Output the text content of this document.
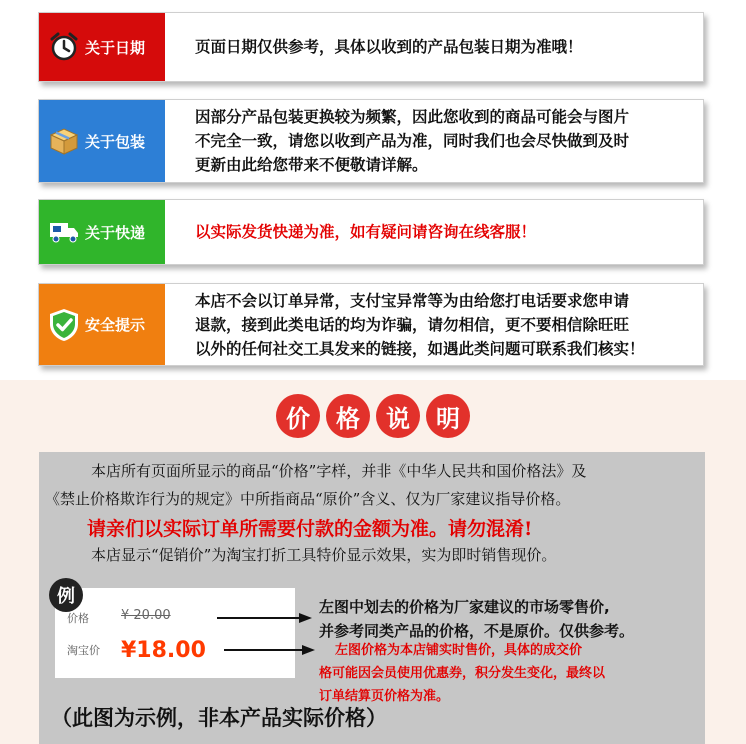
关于日期	页面日期仅供参考，具体以收到的产品包装日期为准哦！
关于包装
因部分产品包装更换较为频繁，因此您收到的商品可能会与图片
不完全一致，请您以收到产品为准，同时我们也会尽快做到及时
更新由此给您带来不便敬请详解。
关于快递	以实际发货快递为准，如有疑问请咨询在线客服！
安全提示
本店不会以订单异常，支付宝异常等为由给您打电话要求您申请
退款，接到此类电话的均为诈骗，请勿相信，更不要相信除旺旺
以外的任何社交工具发来的链接，如遇此类问题可联系我们核实！
价	格	说	明
本店所有页面所显示的商品“价格”字样，并非《中华人民共和国价格法》及
《禁止价格欺诈行为的规定》中所指商品“原价”含义、仅为厂家建议指导价格。
请亲们以实际订单所需要付款的金额为准。请勿混淆!
本店显示“促销价”为淘宝打折工具特价显示效果，实为即时销售现价。
例
价格 ¥ 20.00
淘宝价 ¥18.00
左图中划去的价格为厂家建议的市场零售价,
并参考同类产品的价格，不是原价。仅供参考。
左图价格为本店铺实时售价，具体的成交价
格可能因会员使用优惠券，积分发生变化，最终以
订单结算页价格为准。
（此图为示例，非本产品实际价格）
